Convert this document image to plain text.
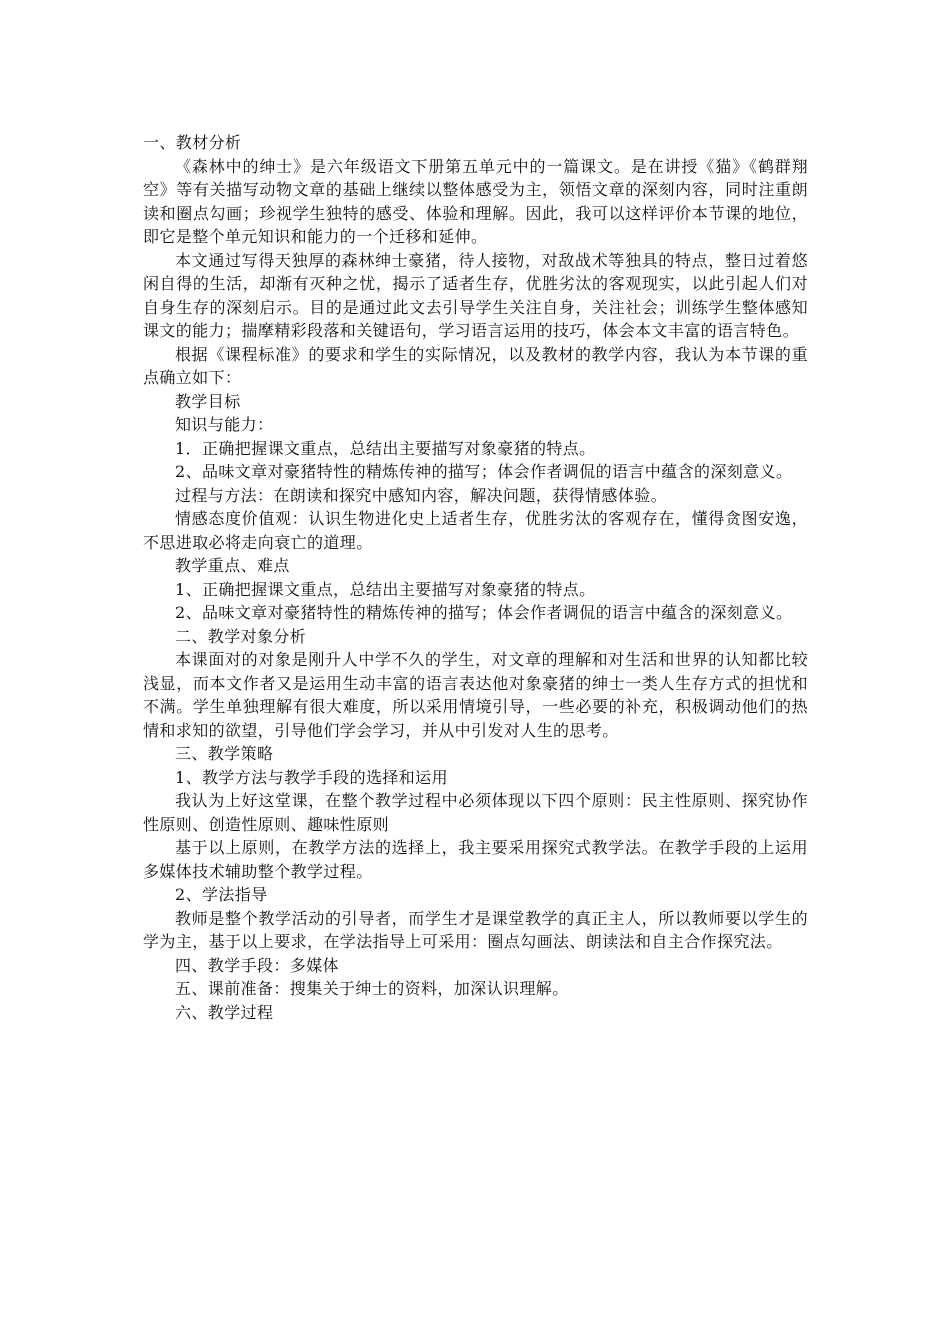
一、教材分析

《森林中的绅士》是六年级语文下册第五单元中的一篇课文。是在讲授《猫》《鹤群翔空》等有关描写动物文章的基础上继续以整体感受为主，领悟文章的深刻内容，同时注重朗读和圈点勾画；珍视学生独特的感受、体验和理解。因此，我可以这样评价本节课的地位，即它是整个单元知识和能力的一个迁移和延伸。

本文通过写得天独厚的森林绅士豪猪，待人接物，对敌战术等独具的特点，整日过着悠闲自得的生活，却渐有灭种之忧，揭示了适者生存，优胜劣汰的客观现实，以此引起人们对自身生存的深刻启示。目的是通过此文去引导学生关注自身，关注社会；训练学生整体感知课文的能力；揣摩精彩段落和关键语句，学习语言运用的技巧，体会本文丰富的语言特色。

根据《课程标准》的要求和学生的实际情况，以及教材的教学内容，我认为本节课的重点确立如下：

教学目标

知识与能力：

1．正确把握课文重点，总结出主要描写对象豪猪的特点。

2、品味文章对豪猪特性的精炼传神的描写；体会作者调侃的语言中蕴含的深刻意义。

过程与方法：在朗读和探究中感知内容，解决问题，获得情感体验。

情感态度价值观：认识生物进化史上适者生存，优胜劣汰的客观存在，懂得贪图安逸，不思进取必将走向衰亡的道理。

教学重点、难点

1、正确把握课文重点，总结出主要描写对象豪猪的特点。

2、品味文章对豪猪特性的精炼传神的描写；体会作者调侃的语言中蕴含的深刻意义。

二、教学对象分析

本课面对的对象是刚升人中学不久的学生，对文章的理解和对生活和世界的认知都比较浅显，而本文作者又是运用生动丰富的语言表达他对象豪猪的绅士一类人生存方式的担忧和不满。学生单独理解有很大难度，所以采用情境引导，一些必要的补充，积极调动他们的热情和求知的欲望，引导他们学会学习，并从中引发对人生的思考。

三、教学策略

1、教学方法与教学手段的选择和运用

我认为上好这堂课，在整个教学过程中必须体现以下四个原则：民主性原则、探究协作性原则、创造性原则、趣味性原则

基于以上原则，在教学方法的选择上，我主要采用探究式教学法。在教学手段的上运用多媒体技术辅助整个教学过程。

2、学法指导

教师是整个教学活动的引导者，而学生才是课堂教学的真正主人，所以教师要以学生的学为主，基于以上要求，在学法指导上可采用：圈点勾画法、朗读法和自主合作探究法。

四、教学手段：多媒体

五、课前准备：搜集关于绅士的资料，加深认识理解。

六、教学过程
